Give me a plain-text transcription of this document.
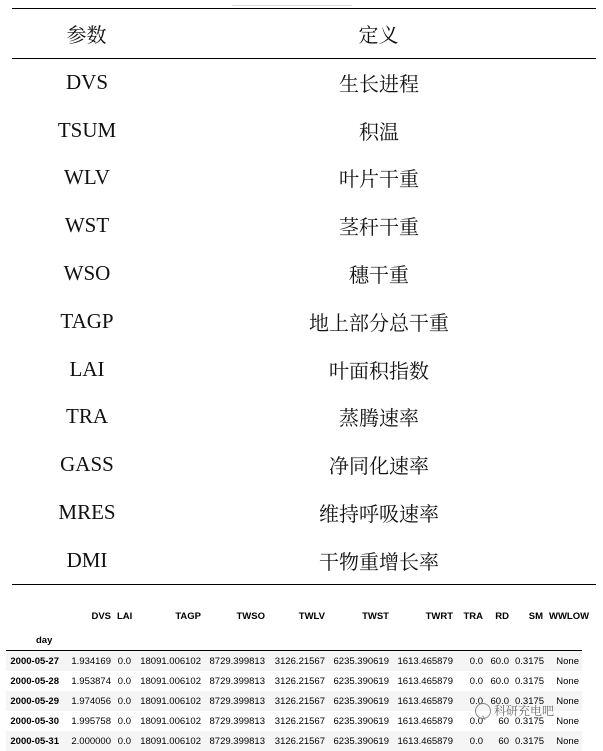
参数	定义
DVS	生长进程
TSUM	积温
WLV	叶片干重
WST	茎秆干重
WSO	穗干重
TAGP	地上部分总干重
LAI	叶面积指数
TRA	蒸腾速率
GASS	净同化速率
MRES	维持呼吸速率
DMI	干物重增长率
	DVS	LAI	TAGP	TWSO	TWLV	TWST	TWRT	TRA	RD	SM	WWLOW
day											
2000-05-27	1.934169	0.0	18091.006102	8729.399813	3126.21567	6235.390619	1613.465879	0.0	60.0	0.3175	None
2000-05-28	1.953874	0.0	18091.006102	8729.399813	3126.21567	6235.390619	1613.465879	0.0	60.0	0.3175	None
2000-05-29	1.974056	0.0	18091.006102	8729.399813	3126.21567	6235.390619	1613.465879	0.0	60.0	0.3175	None
2000-05-30	1.995758	0.0	18091.006102	8729.399813	3126.21567	6235.390619	1613.465879	0.0	60	0.3175	None
2000-05-31	2.000000	0.0	18091.006102	8729.399813	3126.21567	6235.390619	1613.465879	0.0	60	0.3175	None
科研充电吧
